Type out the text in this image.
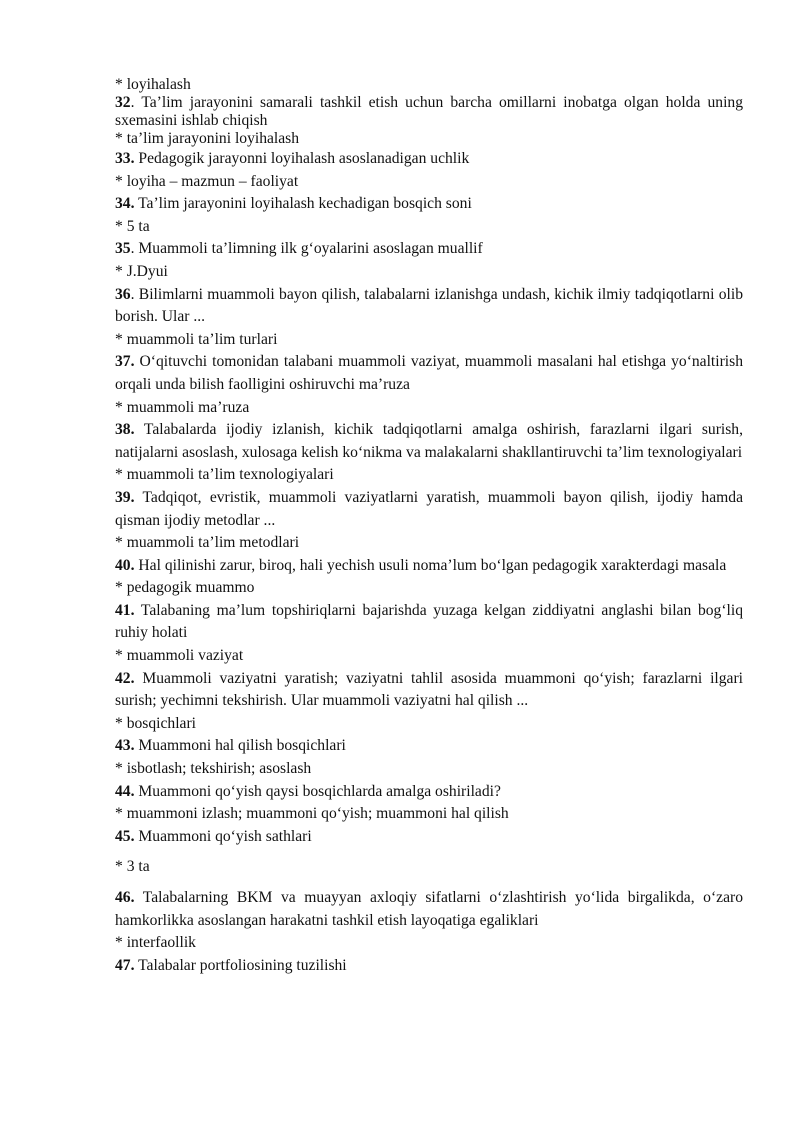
* loyihalash
32. Ta’lim jarayonini samarali tashkil etish uchun barcha omillarni inobatga olgan holda uning sxemasini ishlab chiqish
* ta’lim jarayonini loyihalash
33. Pedagogik jarayonni loyihalash asoslanadigan uchlik
* loyiha – mazmun – faoliyat
34. Ta’lim jarayonini loyihalash kechadigan bosqich soni
* 5 ta
35. Muammoli ta’limning ilk g‘oyalarini asoslagan muallif
* J.Dyui
36. Bilimlarni muammoli bayon qilish, talabalarni izlanishga undash, kichik ilmiy tadqiqotlarni olib borish. Ular ...
* muammoli ta’lim turlari
37. O‘qituvchi tomonidan talabani muammoli vaziyat, muammoli masalani hal etishga yo‘naltirish orqali unda bilish faolligini oshiruvchi ma’ruza
* muammoli ma’ruza
38. Talabalarda ijodiy izlanish, kichik tadqiqotlarni amalga oshirish, farazlarni ilgari surish, natijalarni asoslash, xulosaga kelish ko‘nikma va malakalarni shakllantiruvchi ta’lim texnologiyalari
* muammoli ta’lim texnologiyalari
39. Tadqiqot, evristik, muammoli vaziyatlarni yaratish, muammoli bayon qilish, ijodiy hamda qisman ijodiy metodlar ...
* muammoli ta’lim metodlari
40. Hal qilinishi zarur, biroq, hali yechish usuli noma’lum bo‘lgan pedagogik xarakterdagi masala
* pedagogik muammo
41. Talabaning ma’lum topshiriqlarni bajarishda yuzaga kelgan ziddiyatni anglashi bilan bog‘liq ruhiy holati
* muammoli vaziyat
42. Muammoli vaziyatni yaratish; vaziyatni tahlil asosida muammoni qo‘yish; farazlarni ilgari surish; yechimni tekshirish. Ular muammoli vaziyatni hal qilish ...
* bosqichlari
43. Muammoni hal qilish bosqichlari
* isbotlash; tekshirish; asoslash
44. Muammoni qo‘yish qaysi bosqichlarda amalga oshiriladi?
* muammoni izlash; muammoni qo‘yish; muammoni hal qilish
45. Muammoni qo‘yish sathlari
* 3 ta
46. Talabalarning BKM va muayyan axloqiy sifatlarni o‘zlashtirish yo‘lida birgalikda, o‘zaro hamkorlikka asoslangan harakatni tashkil etish layoqatiga egaliklari
* interfaollik
47. Talabalar portfoliosining tuzilishi
